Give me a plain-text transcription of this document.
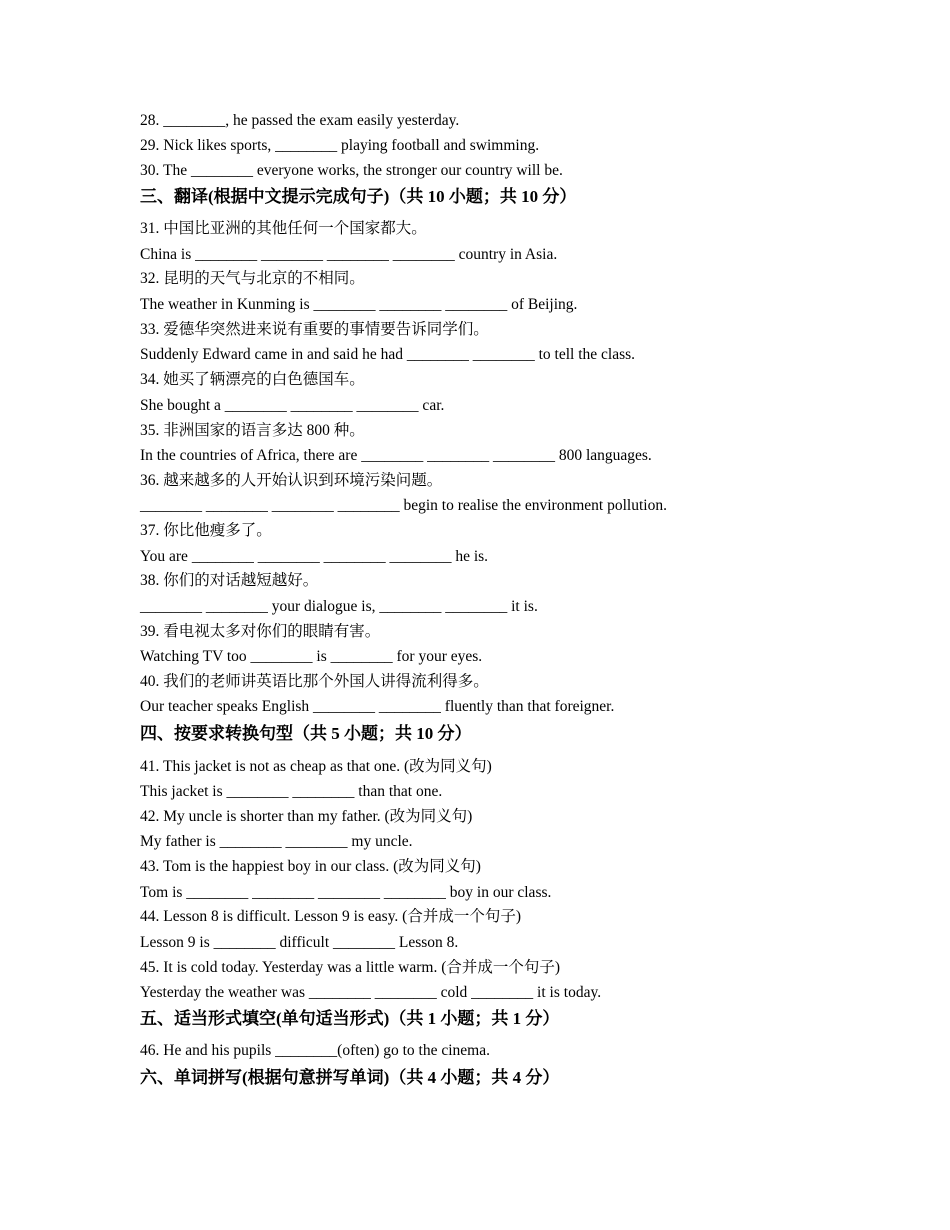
28. ________, he passed the exam easily yesterday.
29. Nick likes sports, ________ playing football and swimming.
30. The ________ everyone works, the stronger our country will be.
三、翻译(根据中文提示完成句子)（共 10 小题；共 10 分）
31. 中国比亚洲的其他任何一个国家都大。
China is ________ ________ ________ ________ country in Asia.
32. 昆明的天气与北京的不相同。
The weather in Kunming is ________ ________ ________ of Beijing.
33. 爱德华突然进来说有重要的事情要告诉同学们。
Suddenly Edward came in and said he had ________ ________ to tell the class.
34. 她买了辆漂亮的白色德国车。
She bought a ________ ________ ________ car.
35. 非洲国家的语言多达 800 种。
In the countries of Africa, there are ________ ________ ________ 800 languages.
36. 越来越多的人开始认识到环境污染问题。
________ ________ ________ ________ begin to realise the environment pollution.
37. 你比他瘦多了。
You are ________ ________ ________ ________ he is.
38. 你们的对话越短越好。
________ ________ your dialogue is, ________ ________ it is.
39. 看电视太多对你们的眼睛有害。
Watching TV too ________ is ________ for your eyes.
40. 我们的老师讲英语比那个外国人讲得流利得多。
Our teacher speaks English ________ ________ fluently than that foreigner.
四、按要求转换句型（共 5 小题；共 10 分）
41. This jacket is not as cheap as that one. (改为同义句)
This jacket is ________ ________ than that one.
42. My uncle is shorter than my father. (改为同义句)
My father is ________ ________ my uncle.
43. Tom is the happiest boy in our class. (改为同义句)
Tom is ________ ________ ________ ________ boy in our class.
44. Lesson 8 is difficult. Lesson 9 is easy. (合并成一个句子)
Lesson 9 is ________ difficult ________ Lesson 8.
45. It is cold today. Yesterday was a little warm. (合并成一个句子)
Yesterday the weather was ________ ________ cold ________ it is today.
五、适当形式填空(单句适当形式)（共 1 小题；共 1 分）
46. He and his pupils ________(often) go to the cinema.
六、单词拼写(根据句意拼写单词)（共 4 小题；共 4 分）
